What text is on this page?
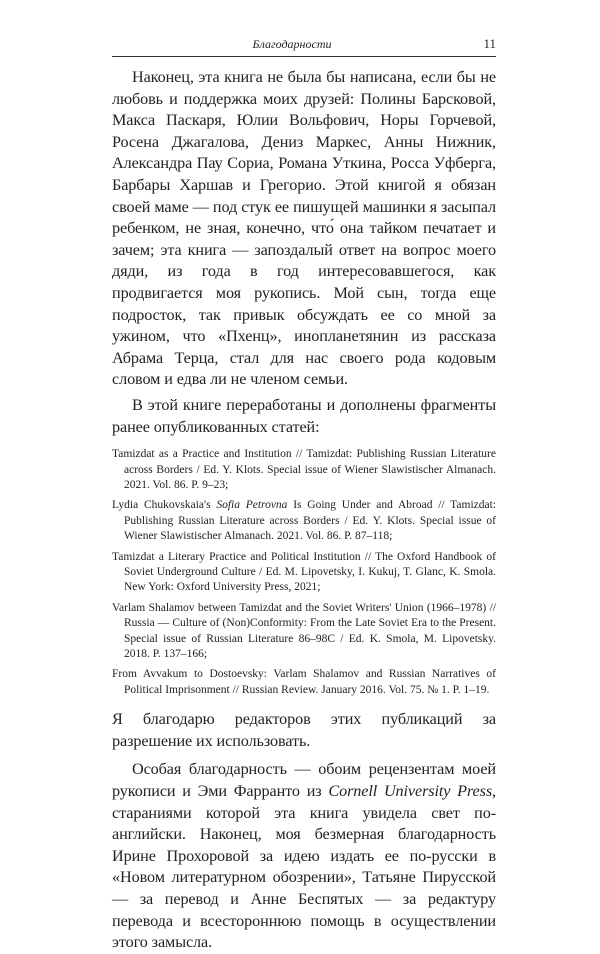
Благодарности	11

Наконец, эта книга не была бы написана, если бы не любовь и поддержка моих друзей: Полины Барсковой, Макса Паскаря, Юлии Вольфович, Норы Горчевой, Росена Джагалова, Дениз Маркес, Анны Нижник, Александра Пау Сориа, Романа Уткина, Росса Уфберга, Барбары Харшав и Грегорио. Этой книгой я обязан своей маме — под стук ее пишущей машинки я засыпал ребенком, не зная, конечно, что́ она тайком печатает и зачем; эта книга — запоздалый ответ на вопрос моего дяди, из года в год интересовавшегося, как продвигается моя рукопись. Мой сын, тогда еще подросток, так привык обсуждать ее со мной за ужином, что «Пхенц», инопланетянин из рассказа Абрама Терца, стал для нас своего рода кодовым словом и едва ли не членом семьи.

В этой книге переработаны и дополнены фрагменты ранее опубликованных статей:

Tamizdat as a Practice and Institution // Tamizdat: Publishing Russian Literature across Borders / Ed. Y. Klots. Special issue of Wiener Slawistischer Almanach. 2021. Vol. 86. P. 9–23;
Lydia Chukovskaia's Sofia Petrovna Is Going Under and Abroad // Tamizdat: Publishing Russian Literature across Borders / Ed. Y. Klots. Special issue of Wiener Slawistischer Almanach. 2021. Vol. 86. P. 87–118;
Tamizdat a Literary Practice and Political Institution // The Oxford Handbook of Soviet Underground Culture / Ed. M. Lipovetsky, I. Kukuj, T. Glanc, K. Smola. New York: Oxford University Press, 2021;
Varlam Shalamov between Tamizdat and the Soviet Writers' Union (1966–1978) // Russia — Culture of (Non)Conformity: From the Late Soviet Era to the Present. Special issue of Russian Literature 86–98C / Ed. K. Smola, M. Lipovetsky. 2018. P. 137–166;
From Avvakum to Dostoevsky: Varlam Shalamov and Russian Narratives of Political Imprisonment // Russian Review. January 2016. Vol. 75. № 1. P. 1–19.

Я благодарю редакторов этих публикаций за разрешение их использовать.

Особая благодарность — обоим рецензентам моей рукописи и Эми Фарранто из Cornell University Press, стараниями которой эта книга увидела свет по-английски. Наконец, моя безмерная благодарность Ирине Прохоровой за идею издать ее по-русски в «Новом литературном обозрении», Татьяне Пирусской — за перевод и Анне Беспятых — за редактуру перевода и всестороннюю помощь в осуществлении этого замысла.
